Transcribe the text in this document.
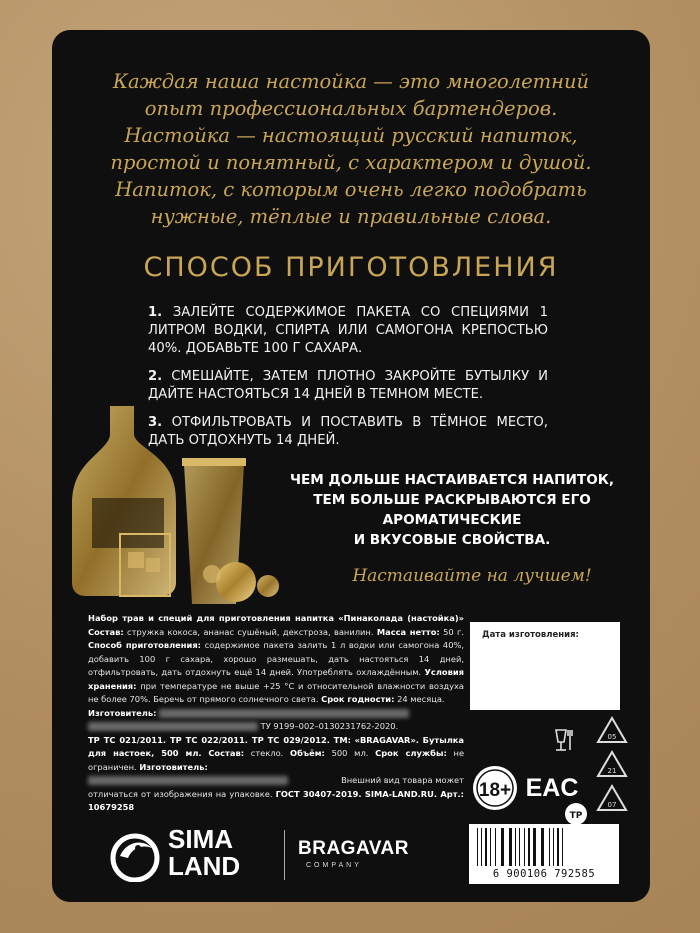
Каждая наша настойка — это многолетний
опыт профессиональных бартендеров.
Настойка — настоящий русский напиток,
простой и понятный, с характером и душой.
Напиток, с которым очень легко подобрать
нужные, тёплые и правильные слова.
СПОСОБ ПРИГОТОВЛЕНИЯ
1. ЗАЛЕЙТЕ СОДЕРЖИМОЕ ПАКЕТА СО СПЕЦИЯМИ 1 ЛИТРОМ ВОДКИ, СПИРТА ИЛИ САМОГОНА КРЕПОСТЬЮ 40%. ДОБАВЬТЕ 100 Г САХАРА.
2. СМЕШАЙТЕ, ЗАТЕМ ПЛОТНО ЗАКРОЙТЕ БУТЫЛКУ И ДАЙТЕ НАСТОЯТЬСЯ 14 ДНЕЙ В ТЕМНОМ МЕСТЕ.
3. ОТФИЛЬТРОВАТЬ И ПОСТАВИТЬ В ТЁМНОЕ МЕСТО, ДАТЬ ОТДОХНУТЬ 14 ДНЕЙ.
ЧЕМ ДОЛЬШЕ НАСТАИВАЕТСЯ НАПИТОК,
ТЕМ БОЛЬШЕ РАСКРЫВАЮТСЯ ЕГО
АРОМАТИЧЕСКИЕ
И ВКУСОВЫЕ СВОЙСТВА.
Настаивайте на лучшем!
Набор трав и специй для приготовления напитка «Пинаколада (настойка)» Состав: стружка кокоса, ананас сушёный, декстроза, ванилин. Масса нетто: 50 г. Способ приготовления: содержимое пакета залить 1 л водки или самогона 40%, добавить 100 г сахара, хорошо размешать, дать настояться 14 дней, отфильтровать, дать отдохнуть ещё 14 дней. Употреблять охлаждённым. Условия хранения: при температуре не выше +25 °С и относительной влажности воздуха не более 70%. Беречь от прямого солнечного света. Срок годности: 24 месяца.
Изготовитель:
ТУ 9199–002–0130231762-2020.
ТР ТС 021/2011. ТР ТС 022/2011. ТР ТС 029/2012. ТМ: «BRAGAVAR». Бутылка для настоек, 500 мл. Состав: стекло. Объём: 500 мл. Срок службы: не ограничен. Изготовитель:

Внешний вид товара может

отличаться от изображения на упаковке. ГОСТ 30407-2019. SIMA-LAND.RU. Арт.: 10679258
Дата изготовления:
18+ EAC
05
21
07
ТР
6 900106 792585
SIMA
LAND
BRAGAVAR
COMPANY
